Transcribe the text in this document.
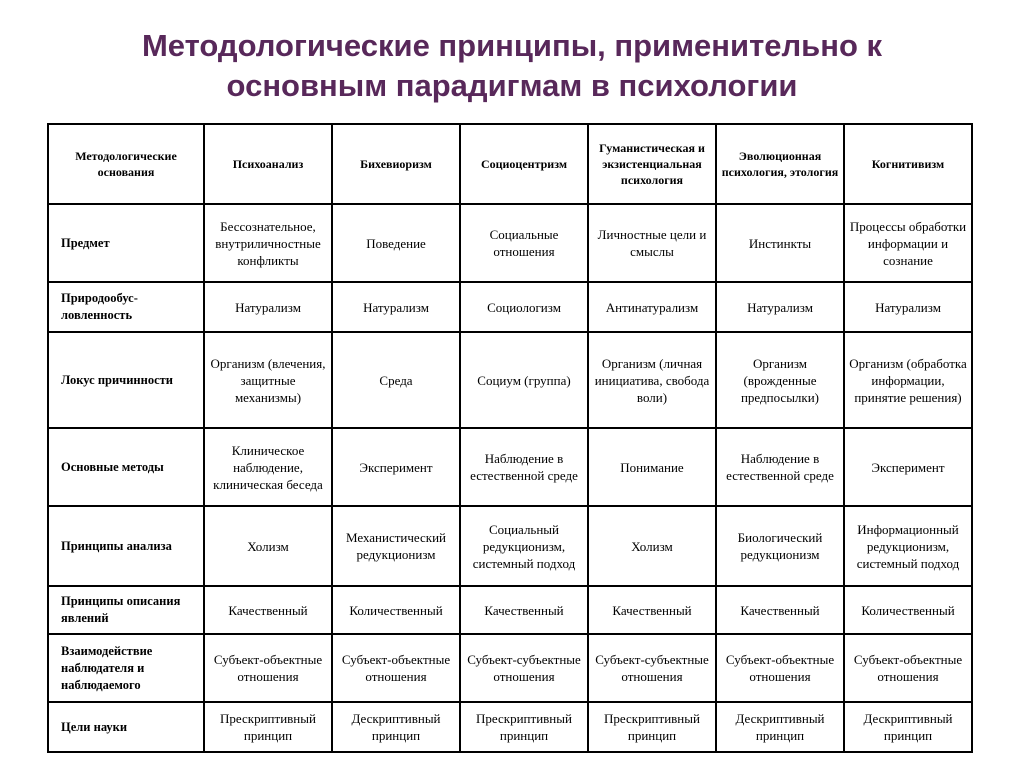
Методологические принципы, применительно к
основным парадигмам в психологии
Методологические основания	Психоанализ	Бихевиоризм	Социоцентризм	Гуманистическая и экзистенциальная психология	Эволюционная психология, этология	Когнитивизм
Предмет	Бессознательное, внутриличностные конфликты	Поведение	Социальные отношения	Личностные цели и смыслы	Инстинкты	Процессы обработки информации и сознание
Природообус-ловленность	Натурализм	Натурализм	Социологизм	Антинатурализм	Натурализм	Натурализм
Локус причинности	Организм (влечения, защитные механизмы)	Среда	Социум (группа)	Организм (личная инициатива, свобода воли)	Организм (врожденные предпосылки)	Организм (обработка информации, принятие решения)
Основные методы	Клиническое наблюдение, клиническая беседа	Эксперимент	Наблюдение в естественной среде	Понимание	Наблюдение в естественной среде	Эксперимент
Принципы анализа	Холизм	Механистический редукционизм	Социальный редукционизм, системный подход	Холизм	Биологический редукционизм	Информационный редукционизм, системный подход
Принципы описания явлений	Качественный	Количественный	Качественный	Качественный	Качественный	Количественный
Взаимодействие наблюдателя и наблюдаемого	Субъект-объектные отношения	Субъект-объектные отношения	Субъект-субъектные отношения	Субъект-субъектные отношения	Субъект-объектные отношения	Субъект-объектные отношения
Цели науки	Прескриптивный принцип	Дескриптивный принцип	Прескриптивный принцип	Прескриптивный принцип	Дескриптивный принцип	Дескриптивный принцип
